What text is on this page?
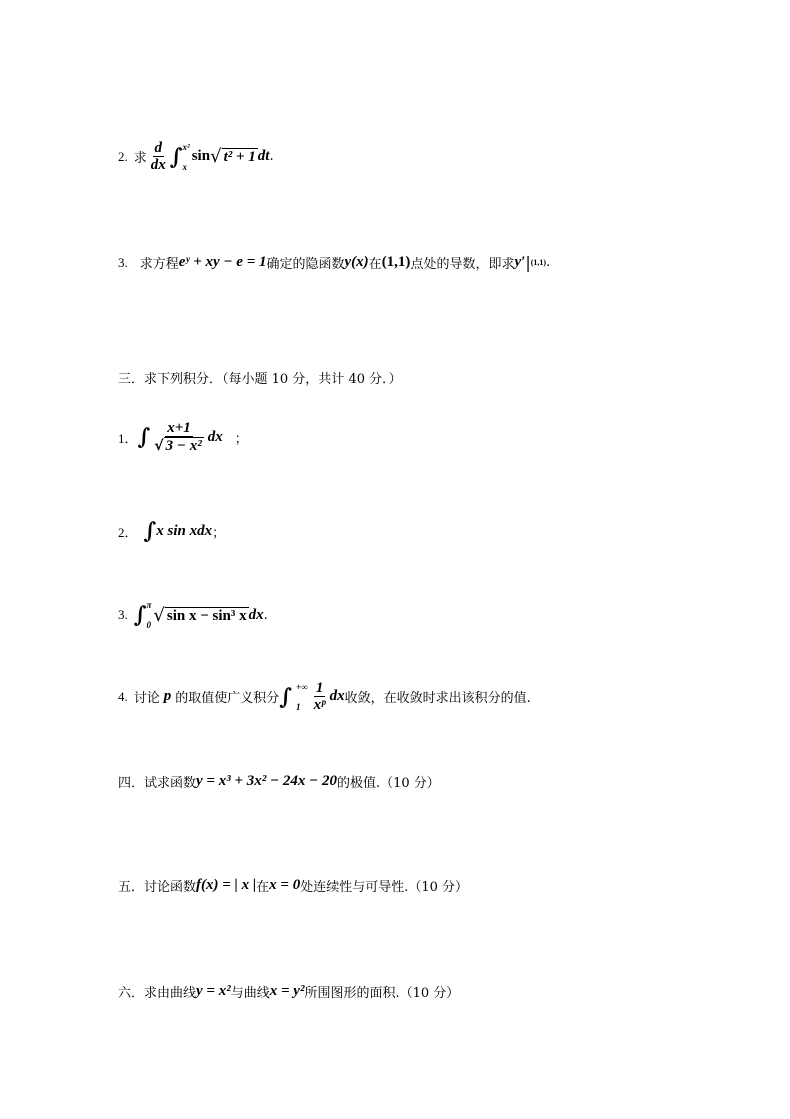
2. 求 $\frac{d}{dx}$ ∫ x²
x
sin √ t² + 1 dt .
3. 求方程 eʸ + xy − e = 1 确定的隐函数 y(x) 在 (1,1) 点处的导数，即求 y′ | (1,1) .
三．求下列积分．（每小题 10 分，共计 40 分．）
1． ∫ $\frac{x+1}{\text{√ 3 − x²}}$ dx ；
2． ∫ x sin xdx ；
3. ∫ π
0 √ sin x − sin³ x dx .
4. 讨论 p 的取值使广义积分 ∫ +∞
$1 \frac{1}{\text{xᵖ}}$ dx 收敛，在收敛时求出该积分的值.
四．试求函数 y = x³ + 3x² − 24x − 20 的极值.（10 分）
五．讨论函数 f(x) = | x | 在 x = 0 处连续性与可导性.（10 分）
六．求由曲线 y = x² 与曲线 x = y² 所围图形的面积.（10 分）
